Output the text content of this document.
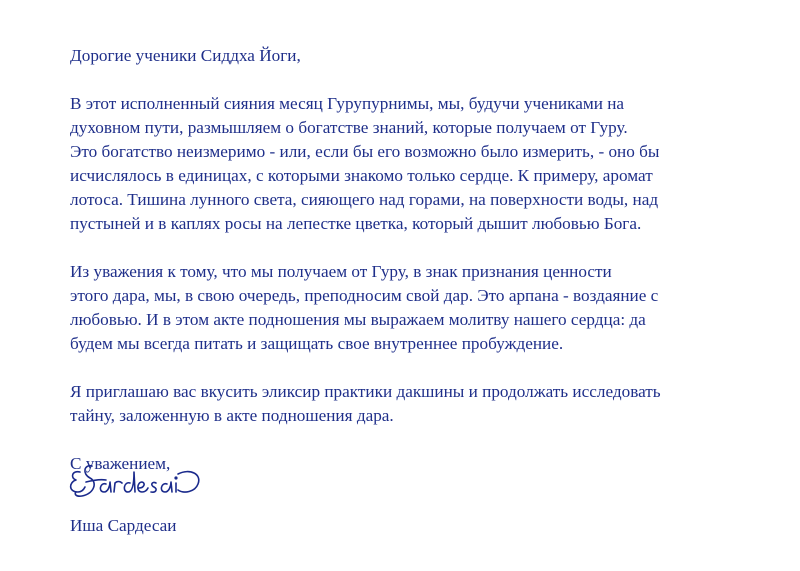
Дорогие ученики Сиддха Йоги,

В этот исполненный сияния месяц Гурупурнимы, мы, будучи учениками на
духовном пути, размышляем о богатстве знаний, которые получаем от Гуру.
Это богатство неизмеримо - или, если бы его возможно было измерить, - оно бы
исчислялось в единицах, с которыми знакомо только сердце. К примеру, аромат
лотоса. Тишина лунного света, сияющего над горами, на поверхности воды, над
пустыней и в каплях росы на лепестке цветка, который дышит любовью Бога.

Из уважения к тому, что мы получаем от Гуру, в знак признания ценности
этого дара, мы, в свою очередь, преподносим свой дар. Это арпана - воздаяние с
любовью. И в этом акте подношения мы выражаем молитву нашего сердца: да
будем мы всегда питать и защищать свое внутреннее пробуждение.

Я приглашаю вас вкусить эликсир практики дакшины и продолжать исследовать
тайну, заложенную в акте подношения дара.

С уважением,

Иша Сардесаи
